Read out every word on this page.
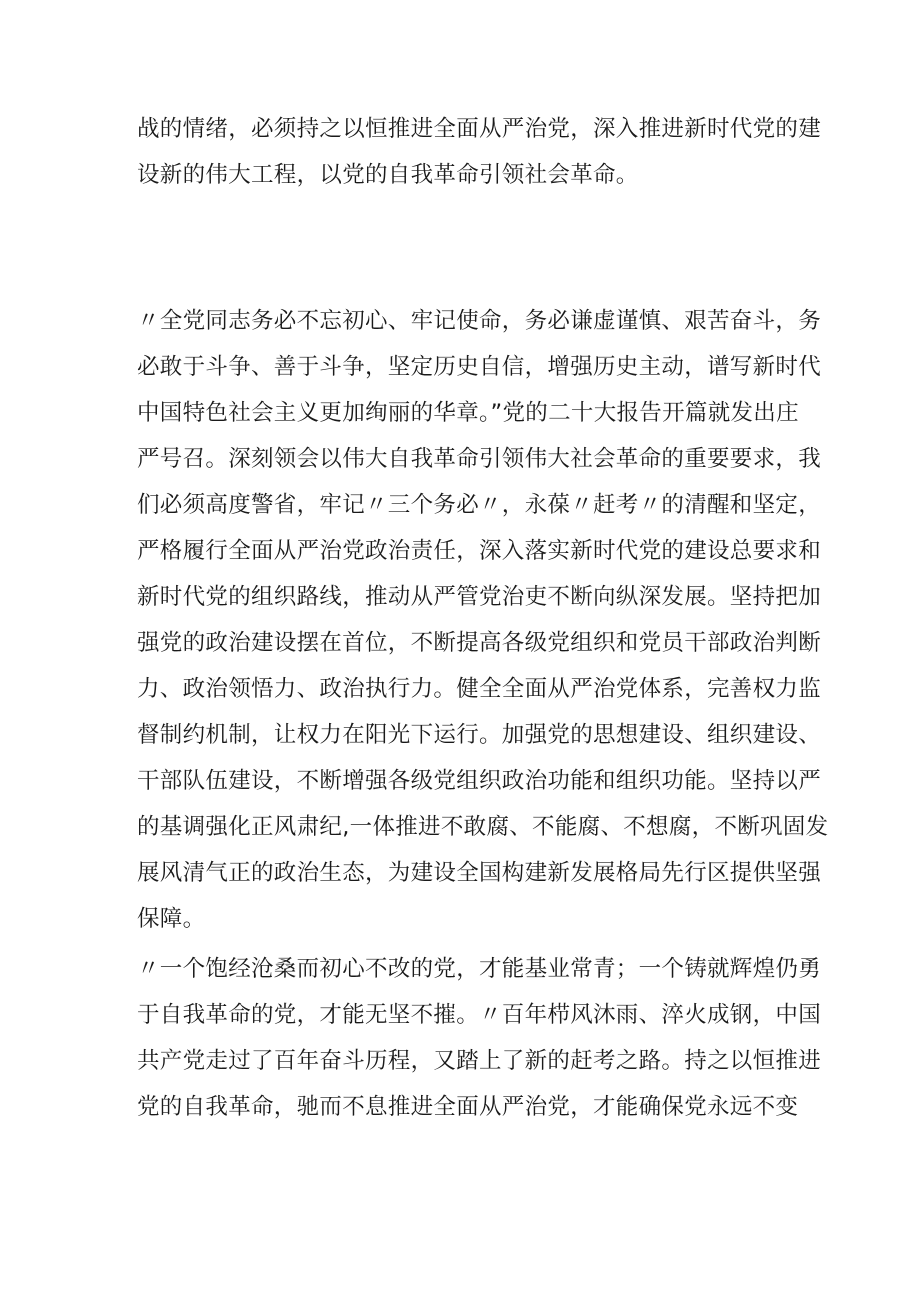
战的情绪，必须持之以恒推进全面从严治党，深入推进新时代党的建
设新的伟大工程，以党的自我革命引领社会革命。
〃全党同志务必不忘初心、牢记使命，务必谦虚谨慎、艰苦奋斗，务
必敢于斗争、善于斗争，坚定历史自信，增强历史主动，谱写新时代
中国特色社会主义更加绚丽的华章。”党的二十大报告开篇就发出庄
严号召。深刻领会以伟大自我革命引领伟大社会革命的重要要求，我
们必须高度警省，牢记〃三个务必〃，永葆〃赶考〃的清醒和坚定，
严格履行全面从严治党政治责任，深入落实新时代党的建设总要求和
新时代党的组织路线，推动从严管党治吏不断向纵深发展。坚持把加
强党的政治建设摆在首位，不断提高各级党组织和党员干部政治判断
力、政治领悟力、政治执行力。健全全面从严治党体系，完善权力监
督制约机制，让权力在阳光下运行。加强党的思想建设、组织建设、
干部队伍建设，不断增强各级党组织政治功能和组织功能。坚持以严
的基调强化正风肃纪,一体推进不敢腐、不能腐、不想腐，不断巩固发
展风清气正的政治生态，为建设全国构建新发展格局先行区提供坚强
保障。
〃一个饱经沧桑而初心不改的党，才能基业常青；一个铸就辉煌仍勇
于自我革命的党，才能无坚不摧。〃百年栉风沐雨、淬火成钢，中国
共产党走过了百年奋斗历程，又踏上了新的赶考之路。持之以恒推进
党的自我革命，驰而不息推进全面从严治党，才能确保党永远不变
